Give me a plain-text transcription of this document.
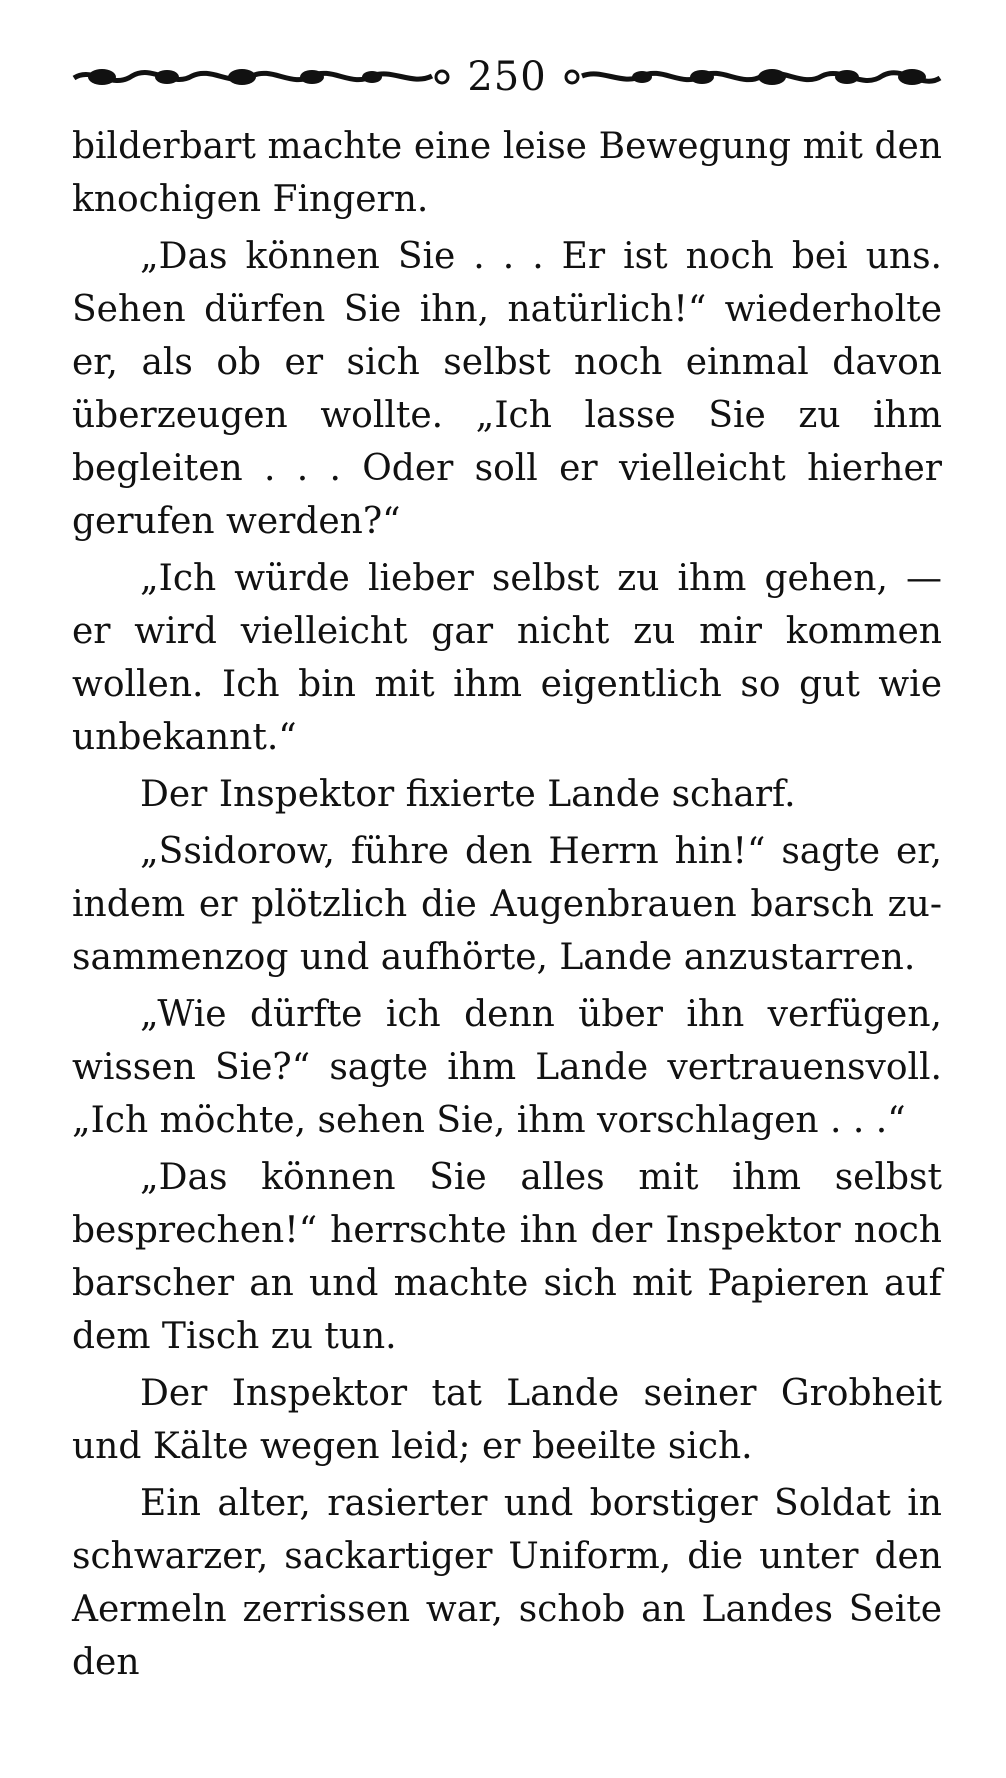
250

bilderbart machte eine leise Bewegung mit den knochigen Fingern.

„Das können Sie . . . Er ist noch bei uns. Sehen dürfen Sie ihn, natürlich!“ wiederholte er, als ob er sich selbst noch einmal davon überzeugen wollte. „Ich lasse Sie zu ihm begleiten . . . Oder soll er vielleicht hierher gerufen werden?“

„Ich würde lieber selbst zu ihm gehen, — er wird vielleicht gar nicht zu mir kommen wollen. Ich bin mit ihm eigentlich so gut wie unbekannt.“

Der Inspektor fixierte Lande scharf.

„Ssidorow, führe den Herrn hin!“ sagte er, indem er plötzlich die Augenbrauen barsch zusammenzog und aufhörte, Lande anzustarren.

„Wie dürfte ich denn über ihn verfügen, wissen Sie?“ sagte ihm Lande vertrauensvoll. „Ich möchte, sehen Sie, ihm vorschlagen . . .“

„Das können Sie alles mit ihm selbst besprechen!“ herrschte ihn der Inspektor noch barscher an und machte sich mit Papieren auf dem Tisch zu tun.

Der Inspektor tat Lande seiner Grobheit und Kälte wegen leid; er beeilte sich.

Ein alter, rasierter und borstiger Soldat in schwarzer, sackartiger Uniform, die unter den Aermeln zerrissen war, schob an Landes Seite den
